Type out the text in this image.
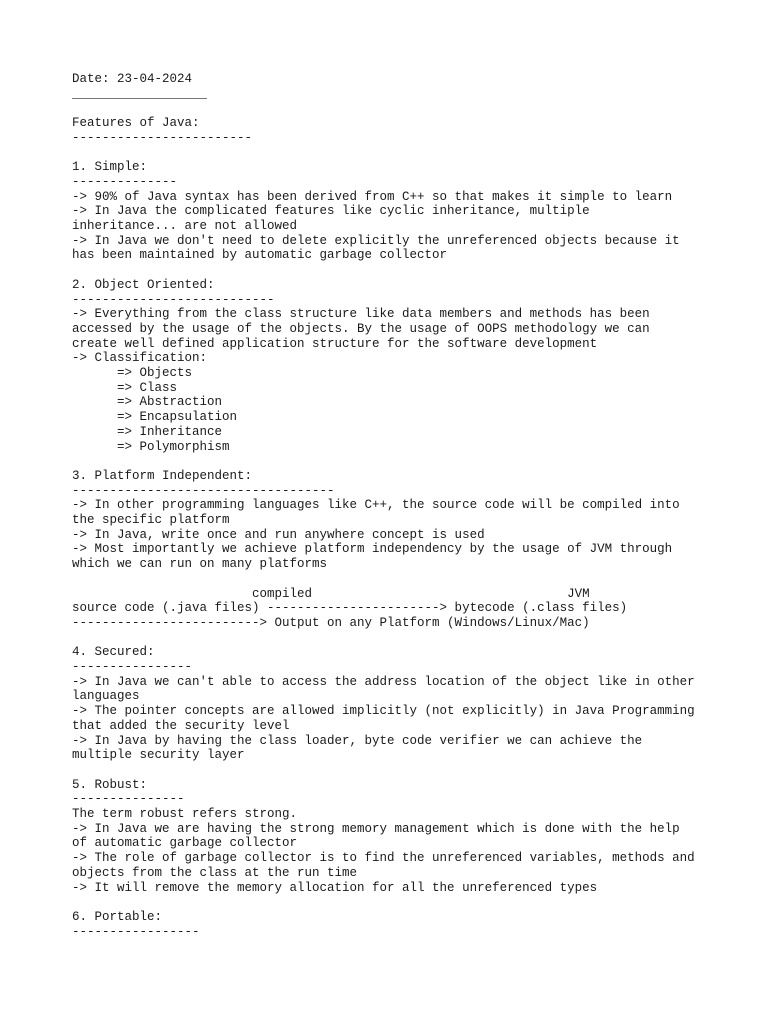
Date: 23-04-2024
__________________
Features of Java:
------------------------
1. Simple:
--------------
-> 90% of Java syntax has been derived from C++ so that makes it simple to learn
-> In Java the complicated features like cyclic inheritance, multiple
inheritance... are not allowed
-> In Java we don't need to delete explicitly the unreferenced objects because it
has been maintained by automatic garbage collector
2. Object Oriented:
---------------------------
-> Everything from the class structure like data members and methods has been
accessed by the usage of the objects. By the usage of OOPS methodology we can
create well defined application structure for the software development
-> Classification:
=> Objects
=> Class
=> Abstraction
=> Encapsulation
=> Inheritance
=> Polymorphism
3. Platform Independent:
-----------------------------------
-> In other programming languages like C++, the source code will be compiled into
the specific platform
-> In Java, write once and run anywhere concept is used
-> Most importantly we achieve platform independency by the usage of JVM through
which we can run on many platforms
compiled                                  JVM
source code (.java files) -----------------------> bytecode (.class files)
-------------------------> Output on any Platform (Windows/Linux/Mac)
4. Secured:
----------------
-> In Java we can't able to access the address location of the object like in other
languages
-> The pointer concepts are allowed implicitly (not explicitly) in Java Programming
that added the security level
-> In Java by having the class loader, byte code verifier we can achieve the
multiple security layer
5. Robust:
---------------
The term robust refers strong.
-> In Java we are having the strong memory management which is done with the help
of automatic garbage collector
-> The role of garbage collector is to find the unreferenced variables, methods and
objects from the class at the run time
-> It will remove the memory allocation for all the unreferenced types
6. Portable:
-----------------
